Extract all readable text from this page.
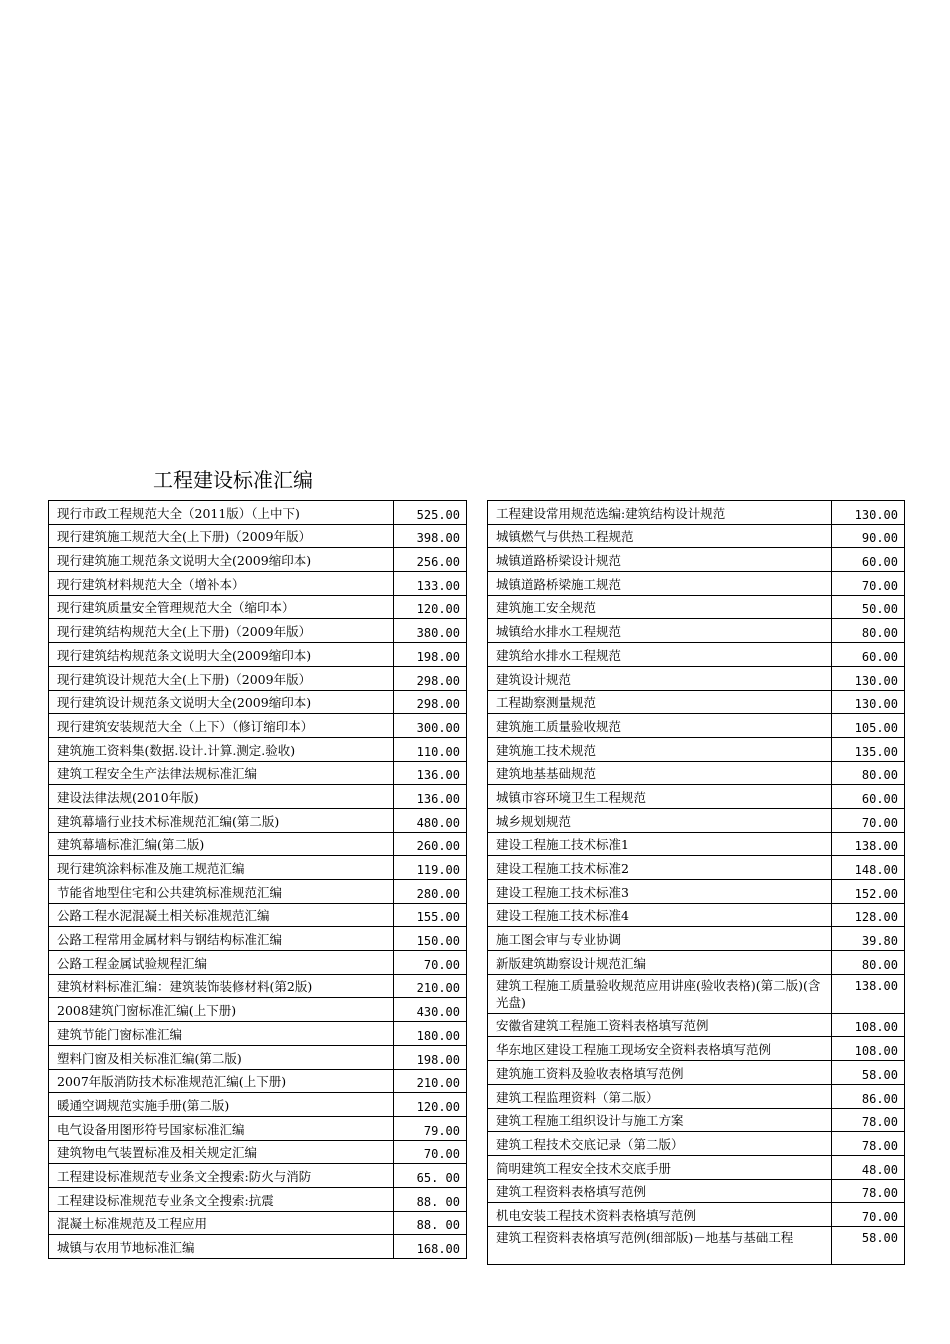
工程建设标准汇编
现行市政工程规范大全（2011版）（上中下)	525.00
现行建筑施工规范大全(上下册)（2009年版）	398.00
现行建筑施工规范条文说明大全(2009缩印本)	256.00
现行建筑材料规范大全（增补本）	133.00
现行建筑质量安全管理规范大全（缩印本）	120.00
现行建筑结构规范大全(上下册)（2009年版）	380.00
现行建筑结构规范条文说明大全(2009缩印本)	198.00
现行建筑设计规范大全(上下册)（2009年版）	298.00
现行建筑设计规范条文说明大全(2009缩印本)	298.00
现行建筑安装规范大全（上下）（修订缩印本）	300.00
建筑施工资料集(数据.设计.计算.测定.验收)	110.00
建筑工程安全生产法律法规标准汇编	136.00
建设法律法规(2010年版)	136.00
建筑幕墙行业技术标准规范汇编(第二版)	480.00
建筑幕墙标准汇编(第二版)	260.00
现行建筑涂料标准及施工规范汇编	119.00
节能省地型住宅和公共建筑标准规范汇编	280.00
公路工程水泥混凝土相关标准规范汇编	155.00
公路工程常用金属材料与钢结构标准汇编	150.00
公路工程金属试验规程汇编	70.00
建筑材料标准汇编：建筑装饰装修材料(第2版)	210.00
2008建筑门窗标准汇编(上下册)	430.00
建筑节能门窗标准汇编	180.00
塑料门窗及相关标准汇编(第二版)	198.00
2007年版消防技术标准规范汇编(上下册)	210.00
暖通空调规范实施手册(第二版)	120.00
电气设备用图形符号国家标准汇编	79.00
建筑物电气装置标准及相关规定汇编	70.00
工程建设标准规范专业条文全搜索:防火与消防	65. 00
工程建设标准规范专业条文全搜索:抗震	88. 00
混凝土标准规范及工程应用	88. 00
城镇与农用节地标准汇编	168.00
工程建设常用规范选编:建筑结构设计规范	130.00
城镇燃气与供热工程规范	90.00
城镇道路桥梁设计规范	60.00
城镇道路桥梁施工规范	70.00
建筑施工安全规范	50.00
城镇给水排水工程规范	80.00
建筑给水排水工程规范	60.00
建筑设计规范	130.00
工程勘察测量规范	130.00
建筑施工质量验收规范	105.00
建筑施工技术规范	135.00
建筑地基基础规范	80.00
城镇市容环境卫生工程规范	60.00
城乡规划规范	70.00
建设工程施工技术标准1	138.00
建设工程施工技术标准2	148.00
建设工程施工技术标准3	152.00
建设工程施工技术标准4	128.00
施工图会审与专业协调	39.80
新版建筑勘察设计规范汇编	80.00
建筑工程施工质量验收规范应用讲座(验收表格)(第二版)(含光盘)	138.00
安徽省建筑工程施工资料表格填写范例	108.00
华东地区建设工程施工现场安全资料表格填写范例	108.00
建筑施工资料及验收表格填写范例	58.00
建筑工程监理资料（第二版）	86.00
建筑工程施工组织设计与施工方案	78.00
建筑工程技术交底记录（第二版）	78.00
简明建筑工程安全技术交底手册	48.00
建筑工程资料表格填写范例	78.00
机电安装工程技术资料表格填写范例	70.00
建筑工程资料表格填写范例(细部版)－地基与基础工程	58.00
